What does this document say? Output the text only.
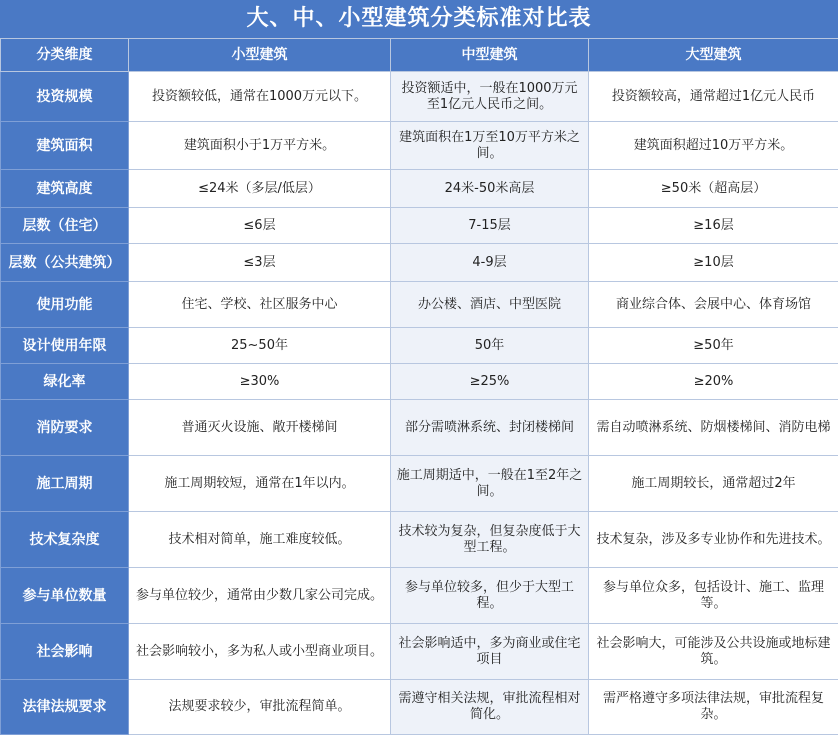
大、中、小型建筑分类标准对比表
分类维度	小型建筑	中型建筑	大型建筑
投资规模	投资额较低，通常在1000万元以下。	投资额适中，一般在1000万元至1亿元人民币之间。	投资额较高，通常超过1亿元人民币
建筑面积	建筑面积小于1万平方米。	建筑面积在1万至10万平方米之间。	建筑面积超过10万平方米。
建筑高度	≤24米（多层/低层）	24米-50米高层	≥50米（超高层）
层数（住宅）	≤6层	7-15层	≥16层
层数（公共建筑）	≤3层	4-9层	≥10层
使用功能	住宅、学校、社区服务中心	办公楼、酒店、中型医院	商业综合体、会展中心、体育场馆
设计使用年限	25~50年	50年	≥50年
绿化率	≥30%	≥25%	≥20%
消防要求	普通灭火设施、敞开楼梯间	部分需喷淋系统、封闭楼梯间	需自动喷淋系统、防烟楼梯间、消防电梯
施工周期	施工周期较短，通常在1年以内。	施工周期适中，一般在1至2年之间。	施工周期较长，通常超过2年
技术复杂度	技术相对简单，施工难度较低。	技术较为复杂，但复杂度低于大型工程。	技术复杂，涉及多专业协作和先进技术。
参与单位数量	参与单位较少，通常由少数几家公司完成。	参与单位较多，但少于大型工程。	参与单位众多，包括设计、施工、监理等。
社会影响	社会影响较小，多为私人或小型商业项目。	社会影响适中，多为商业或住宅项目	社会影响大，可能涉及公共设施或地标建筑。
法律法规要求	法规要求较少，审批流程简单。	需遵守相关法规，审批流程相对简化。	需严格遵守多项法律法规，审批流程复杂。
